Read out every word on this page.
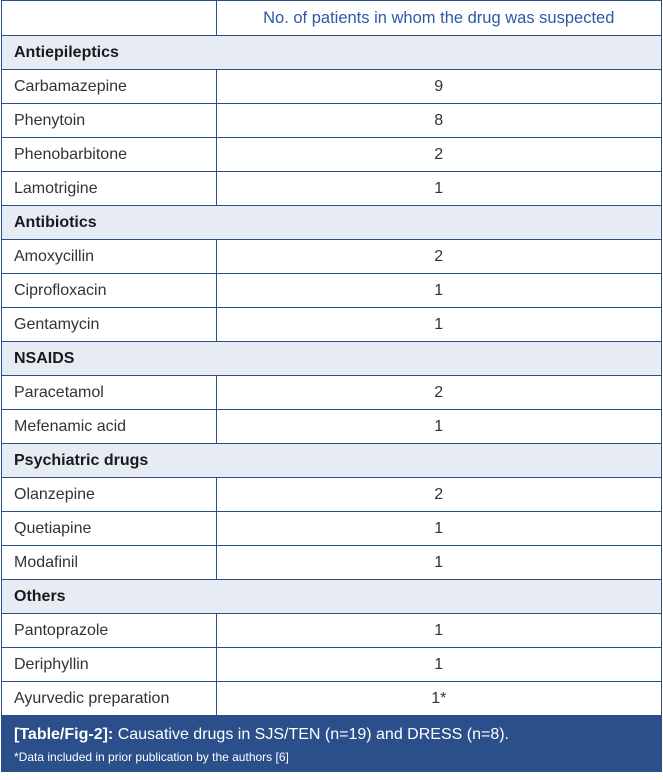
	No. of patients in whom the drug was suspected
Antiepileptics	
Carbamazepine	9
Phenytoin	8
Phenobarbitone	2
Lamotrigine	1
Antibiotics	
Amoxycillin	2
Ciprofloxacin	1
Gentamycin	1
NSAIDS	
Paracetamol	2
Mefenamic acid	1
Psychiatric drugs	
Olanzepine	2
Quetiapine	1
Modafinil	1
Others	
Pantoprazole	1
Deriphyllin	1
Ayurvedic preparation	1*
[Table/Fig-2]: Causative drugs in SJS/TEN (n=19) and DRESS (n=8).
*Data included in prior publication by the authors [6]
